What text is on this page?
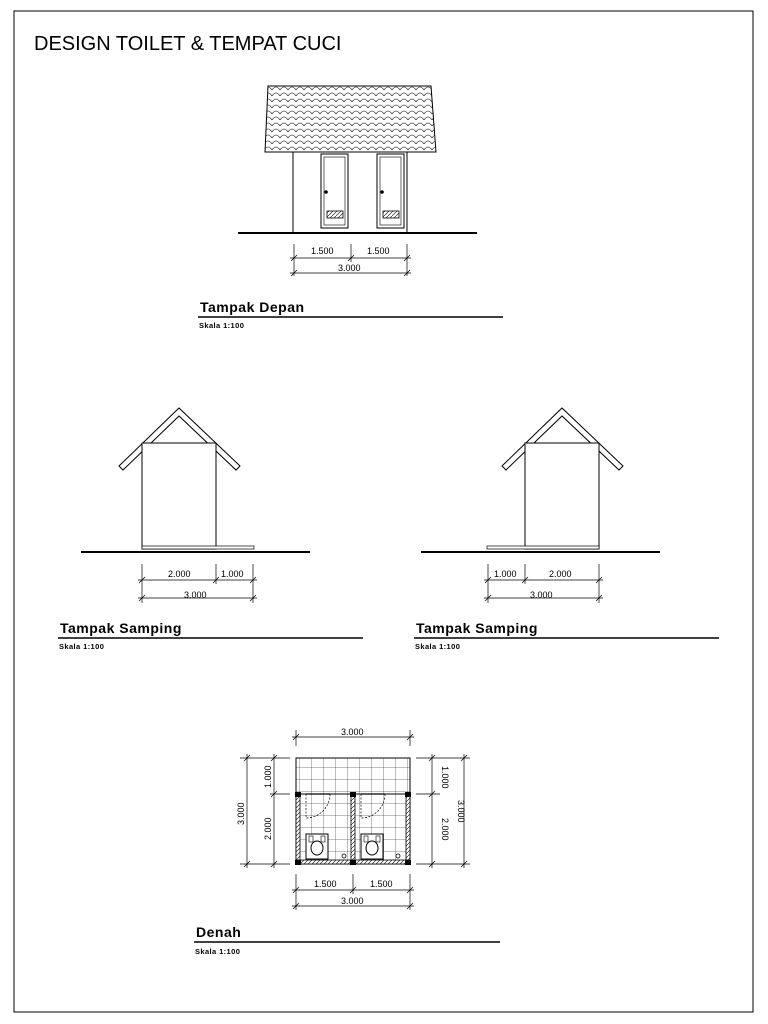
DESIGN TOILET & TEMPAT CUCI
1.500	1.500
3.000
Tampak Depan
Skala 1:100
2.000	1.000
3.000
Tampak Samping
Skala 1:100
1.000	2.000
3.000
Tampak Samping
Skala 1:100
3.000
1.500	1.500
3.000
3.000
1.000
2.000
1.000
2.000
3.000
Denah
Skala 1:100
